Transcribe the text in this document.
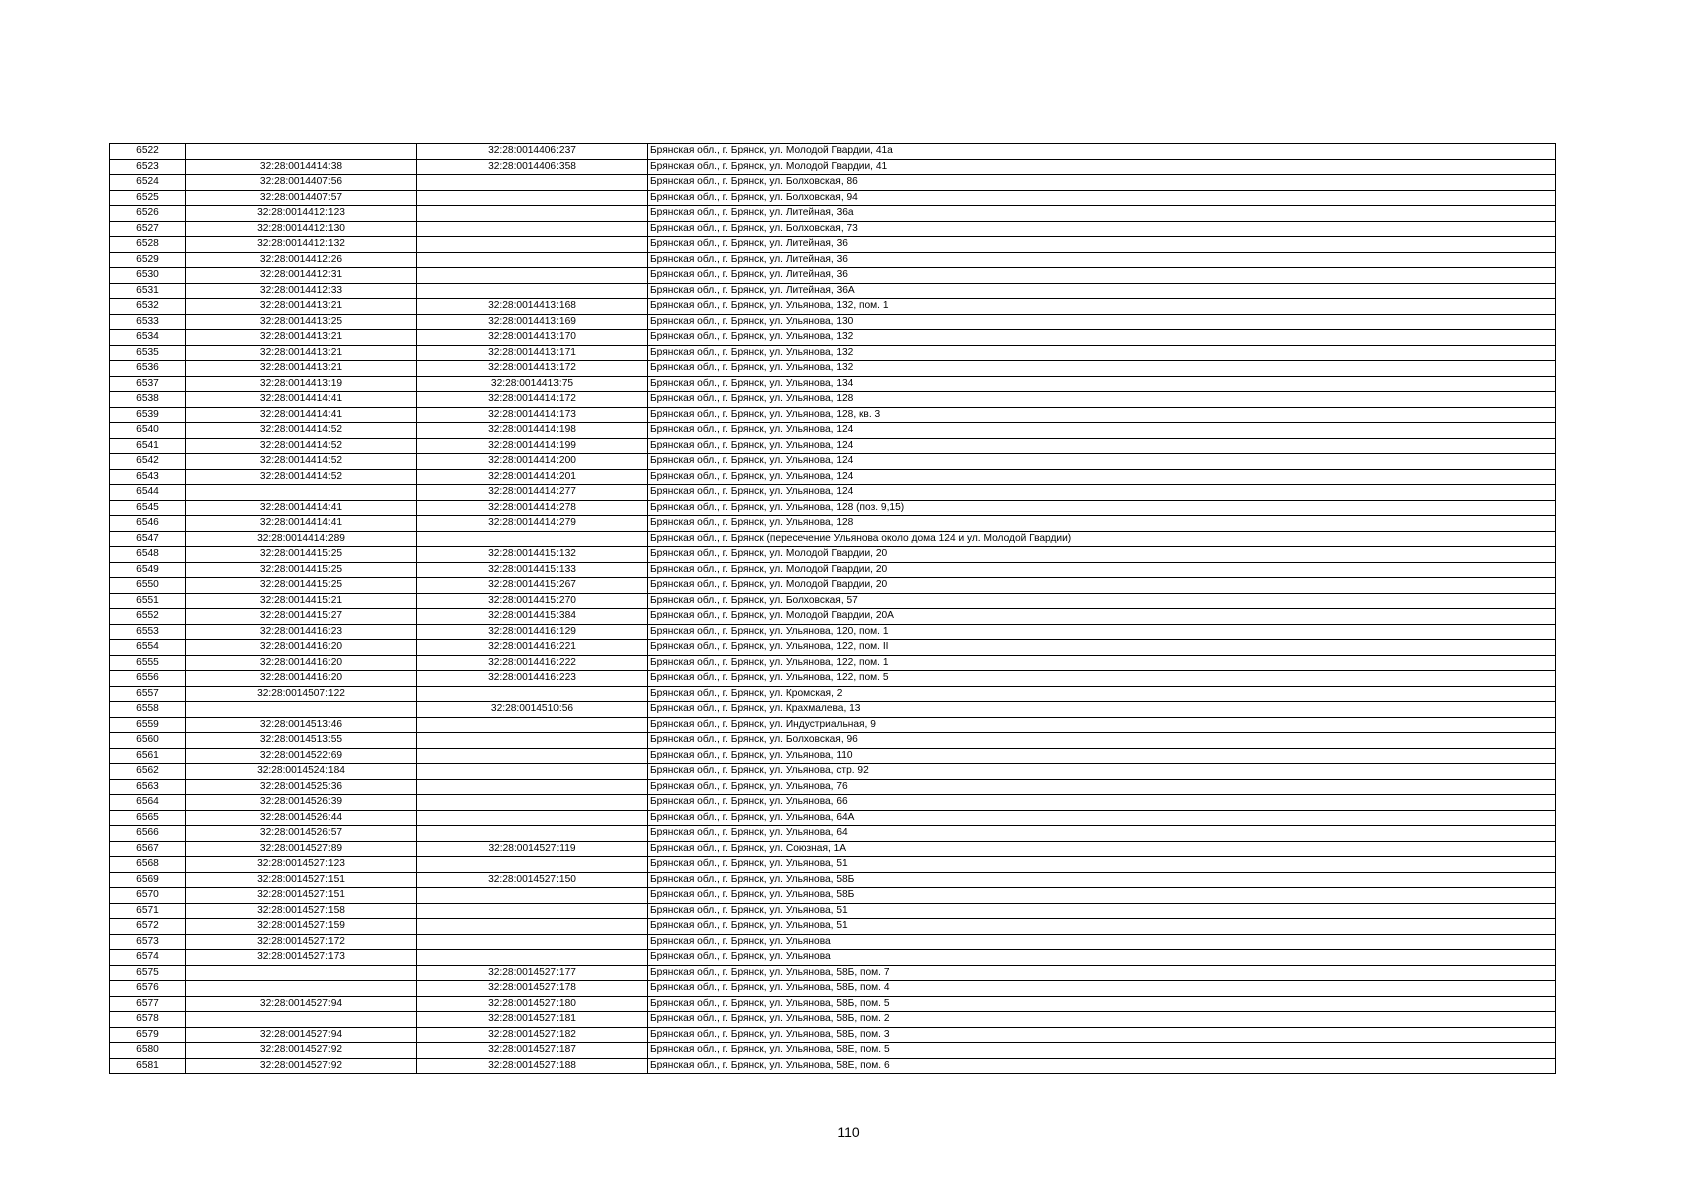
6522		32:28:0014406:237	Брянская обл., г. Брянск, ул. Молодой Гвардии, 41а
6523	32:28:0014414:38	32:28:0014406:358	Брянская обл., г. Брянск, ул. Молодой Гвардии, 41
6524	32:28:0014407:56		Брянская обл., г. Брянск, ул. Болховская, 86
6525	32:28:0014407:57		Брянская обл., г. Брянск, ул. Болховская, 94
6526	32:28:0014412:123		Брянская обл., г. Брянск, ул. Литейная, 36а
6527	32:28:0014412:130		Брянская обл., г. Брянск, ул. Болховская, 73
6528	32:28:0014412:132		Брянская обл., г. Брянск, ул. Литейная, 36
6529	32:28:0014412:26		Брянская обл., г. Брянск, ул. Литейная, 36
6530	32:28:0014412:31		Брянская обл., г. Брянск, ул. Литейная, 36
6531	32:28:0014412:33		Брянская обл., г. Брянск, ул. Литейная, 36А
6532	32:28:0014413:21	32:28:0014413:168	Брянская обл., г. Брянск, ул. Ульянова, 132, пом. 1
6533	32:28:0014413:25	32:28:0014413:169	Брянская обл., г. Брянск, ул. Ульянова, 130
6534	32:28:0014413:21	32:28:0014413:170	Брянская обл., г. Брянск, ул. Ульянова, 132
6535	32:28:0014413:21	32:28:0014413:171	Брянская обл., г. Брянск, ул. Ульянова, 132
6536	32:28:0014413:21	32:28:0014413:172	Брянская обл., г. Брянск, ул. Ульянова, 132
6537	32:28:0014413:19	32:28:0014413:75	Брянская обл., г. Брянск, ул. Ульянова, 134
6538	32:28:0014414:41	32:28:0014414:172	Брянская обл., г. Брянск, ул. Ульянова, 128
6539	32:28:0014414:41	32:28:0014414:173	Брянская обл., г. Брянск, ул. Ульянова, 128, кв. 3
6540	32:28:0014414:52	32:28:0014414:198	Брянская обл., г. Брянск, ул. Ульянова, 124
6541	32:28:0014414:52	32:28:0014414:199	Брянская обл., г. Брянск, ул. Ульянова, 124
6542	32:28:0014414:52	32:28:0014414:200	Брянская обл., г. Брянск, ул. Ульянова, 124
6543	32:28:0014414:52	32:28:0014414:201	Брянская обл., г. Брянск, ул. Ульянова, 124
6544		32:28:0014414:277	Брянская обл., г. Брянск, ул. Ульянова, 124
6545	32:28:0014414:41	32:28:0014414:278	Брянская обл., г. Брянск, ул. Ульянова, 128 (поз. 9,15)
6546	32:28:0014414:41	32:28:0014414:279	Брянская обл., г. Брянск, ул. Ульянова, 128
6547	32:28:0014414:289		Брянская обл., г. Брянск (пересечение Ульянова около дома 124 и ул. Молодой Гвардии)
6548	32:28:0014415:25	32:28:0014415:132	Брянская обл., г. Брянск, ул. Молодой Гвардии, 20
6549	32:28:0014415:25	32:28:0014415:133	Брянская обл., г. Брянск, ул. Молодой Гвардии, 20
6550	32:28:0014415:25	32:28:0014415:267	Брянская обл., г. Брянск, ул. Молодой Гвардии, 20
6551	32:28:0014415:21	32:28:0014415:270	Брянская обл., г. Брянск, ул. Болховская, 57
6552	32:28:0014415:27	32:28:0014415:384	Брянская обл., г. Брянск, ул. Молодой Гвардии, 20А
6553	32:28:0014416:23	32:28:0014416:129	Брянская обл., г. Брянск, ул. Ульянова, 120, пом. 1
6554	32:28:0014416:20	32:28:0014416:221	Брянская обл., г. Брянск, ул. Ульянова, 122, пом. II
6555	32:28:0014416:20	32:28:0014416:222	Брянская обл., г. Брянск, ул. Ульянова, 122, пом. 1
6556	32:28:0014416:20	32:28:0014416:223	Брянская обл., г. Брянск, ул. Ульянова, 122, пом. 5
6557	32:28:0014507:122		Брянская обл., г. Брянск, ул. Кромская, 2
6558		32:28:0014510:56	Брянская обл., г. Брянск, ул. Крахмалева, 13
6559	32:28:0014513:46		Брянская обл., г. Брянск, ул. Индустриальная, 9
6560	32:28:0014513:55		Брянская обл., г. Брянск, ул. Болховская, 96
6561	32:28:0014522:69		Брянская обл., г. Брянск, ул. Ульянова, 110
6562	32:28:0014524:184		Брянская обл., г. Брянск, ул. Ульянова, стр. 92
6563	32:28:0014525:36		Брянская обл., г. Брянск, ул. Ульянова, 76
6564	32:28:0014526:39		Брянская обл., г. Брянск, ул. Ульянова, 66
6565	32:28:0014526:44		Брянская обл., г. Брянск, ул. Ульянова, 64А
6566	32:28:0014526:57		Брянская обл., г. Брянск, ул. Ульянова, 64
6567	32:28:0014527:89	32:28:0014527:119	Брянская обл., г. Брянск, ул. Союзная, 1А
6568	32:28:0014527:123		Брянская обл., г. Брянск, ул. Ульянова, 51
6569	32:28:0014527:151	32:28:0014527:150	Брянская обл., г. Брянск, ул. Ульянова, 58Б
6570	32:28:0014527:151		Брянская обл., г. Брянск, ул. Ульянова, 58Б
6571	32:28:0014527:158		Брянская обл., г. Брянск, ул. Ульянова, 51
6572	32:28:0014527:159		Брянская обл., г. Брянск, ул. Ульянова, 51
6573	32:28:0014527:172		Брянская обл., г. Брянск, ул. Ульянова
6574	32:28:0014527:173		Брянская обл., г. Брянск, ул. Ульянова
6575		32:28:0014527:177	Брянская обл., г. Брянск, ул. Ульянова, 58Б, пом. 7
6576		32:28:0014527:178	Брянская обл., г. Брянск, ул. Ульянова, 58Б, пом. 4
6577	32:28:0014527:94	32:28:0014527:180	Брянская обл., г. Брянск, ул. Ульянова, 58Б, пом. 5
6578		32:28:0014527:181	Брянская обл., г. Брянск, ул. Ульянова, 58Б, пом. 2
6579	32:28:0014527:94	32:28:0014527:182	Брянская обл., г. Брянск, ул. Ульянова, 58Б, пом. 3
6580	32:28:0014527:92	32:28:0014527:187	Брянская обл., г. Брянск, ул. Ульянова, 58Е, пом. 5
6581	32:28:0014527:92	32:28:0014527:188	Брянская обл., г. Брянск, ул. Ульянова, 58Е, пом. 6
110
